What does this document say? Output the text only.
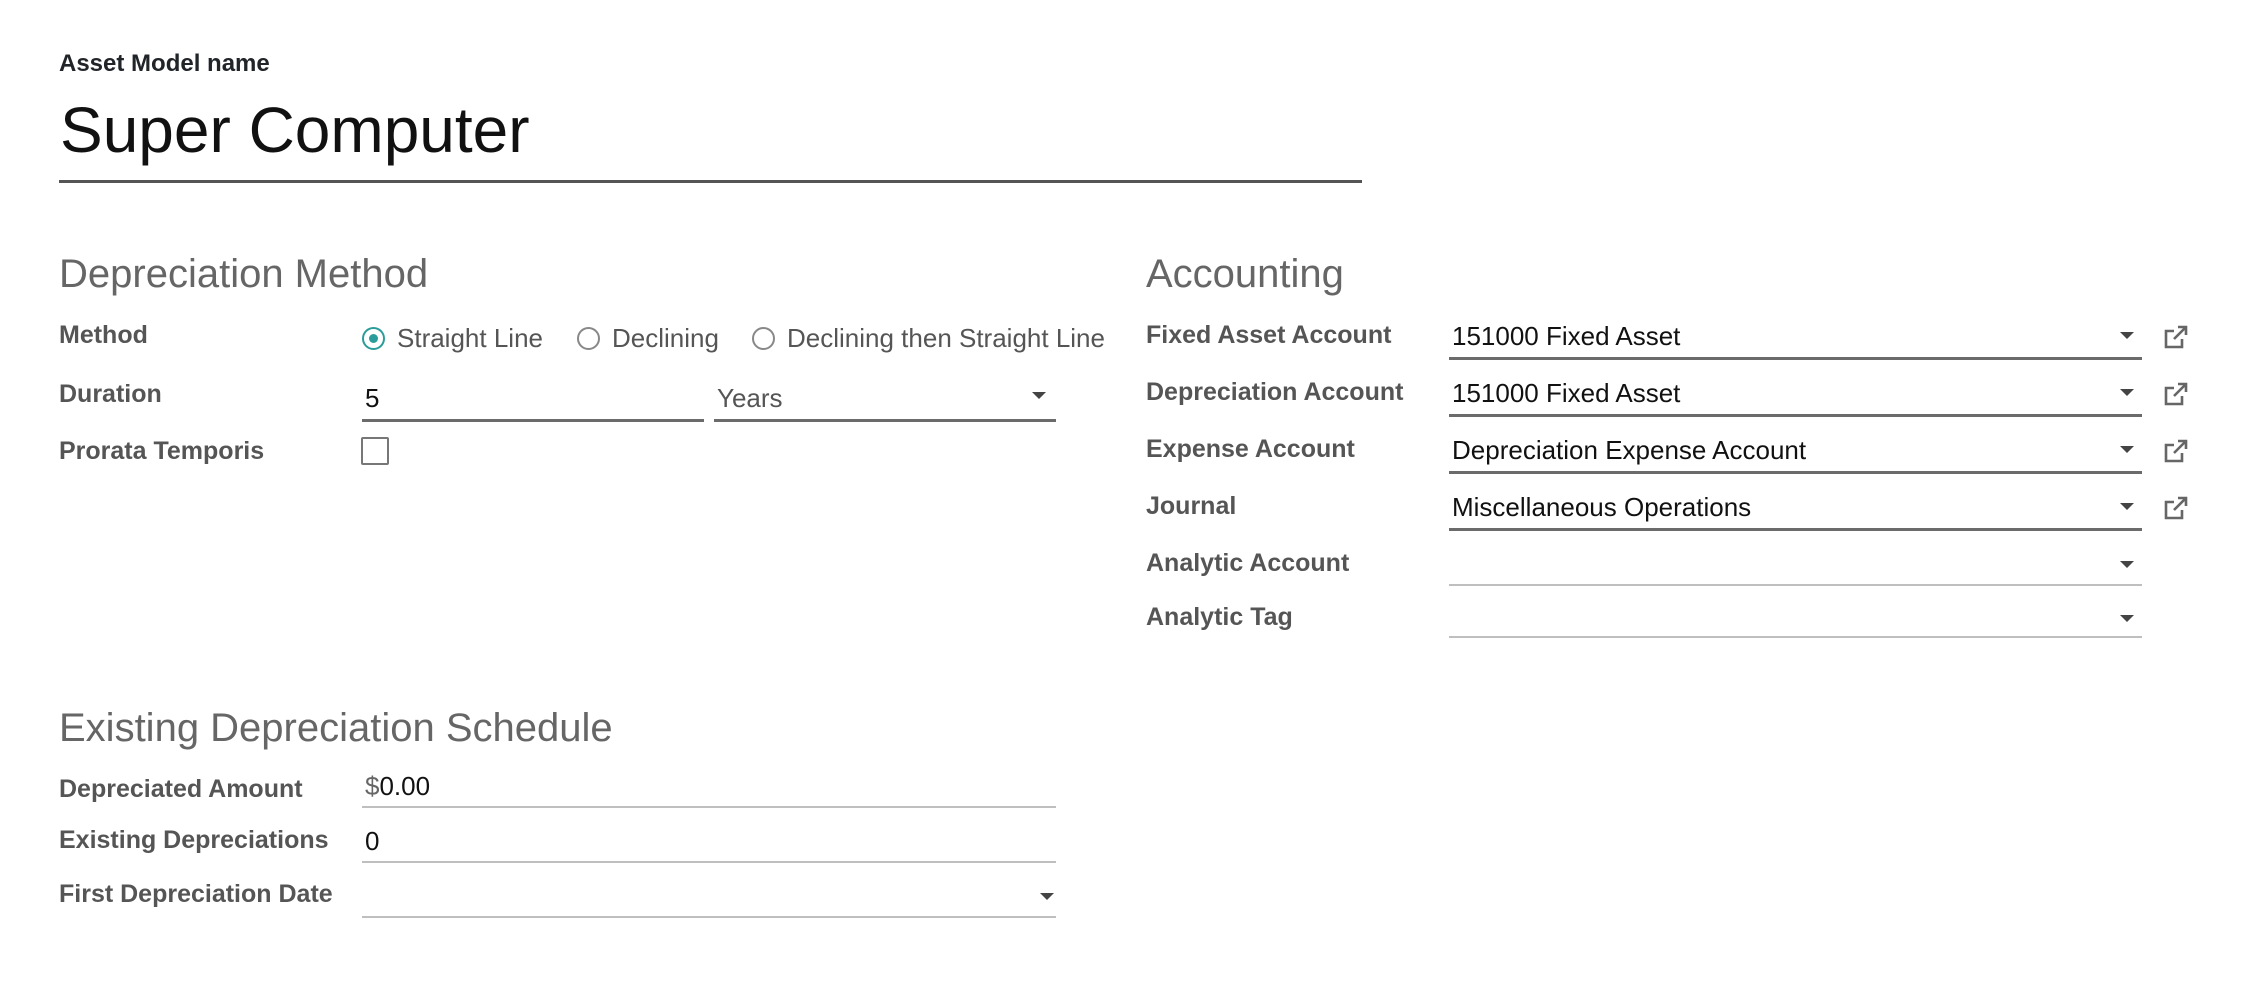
Asset Model name
Super Computer
Depreciation Method
Method	Straight Line	Declining	Declining then Straight Line
Duration	5	Years
Prorata Temporis
Accounting
Fixed Asset Account 151000 Fixed Asset
Depreciation Account 151000 Fixed Asset
Expense Account	Depreciation Expense Account
Journal	Miscellaneous Operations
Analytic Account
Analytic Tag
Existing Depreciation Schedule
Depreciated Amount $0.00
Existing Depreciations 0
First Depreciation Date
